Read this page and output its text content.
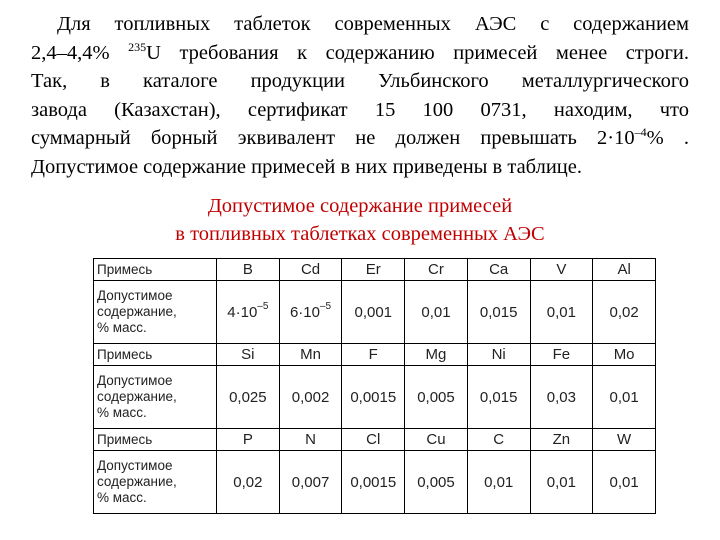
Для топливных таблеток современных АЭС с содержанием
2,4–4,4% $^{235}$U требования к содержанию примесей менее строги.
Так, в каталоге продукции Ульбинского металлургического
завода (Казахстан), сертификат 15 100 0731, находим, что
суммарный борный эквивалент не должен превышать $2\cdot 10^{-4}\%$ .
Допустимое содержание примесей в них приведены в таблице.
Допустимое содержание примесей
в топливных таблетках современных АЭС
Примесь	B	Cd	Er	Cr	Ca	V	Al

Допустимое
содержание,
% масс.	$4\cdot 10^{-5}$	$6\cdot 10^{-5}$	0,001	0,01	0,015	0,01	0,02
Примесь	Si	Mn	F	Mg	Ni	Fe	Mo

Допустимое
содержание,
% масс.	0,025	0,002	0,0015	0,005	0,015	0,03	0,01
Примесь	P	N	Cl	Cu	C	Zn	W

Допустимое
содержание,
% масс.	0,02	0,007	0,0015	0,005	0,01	0,01	0,01
